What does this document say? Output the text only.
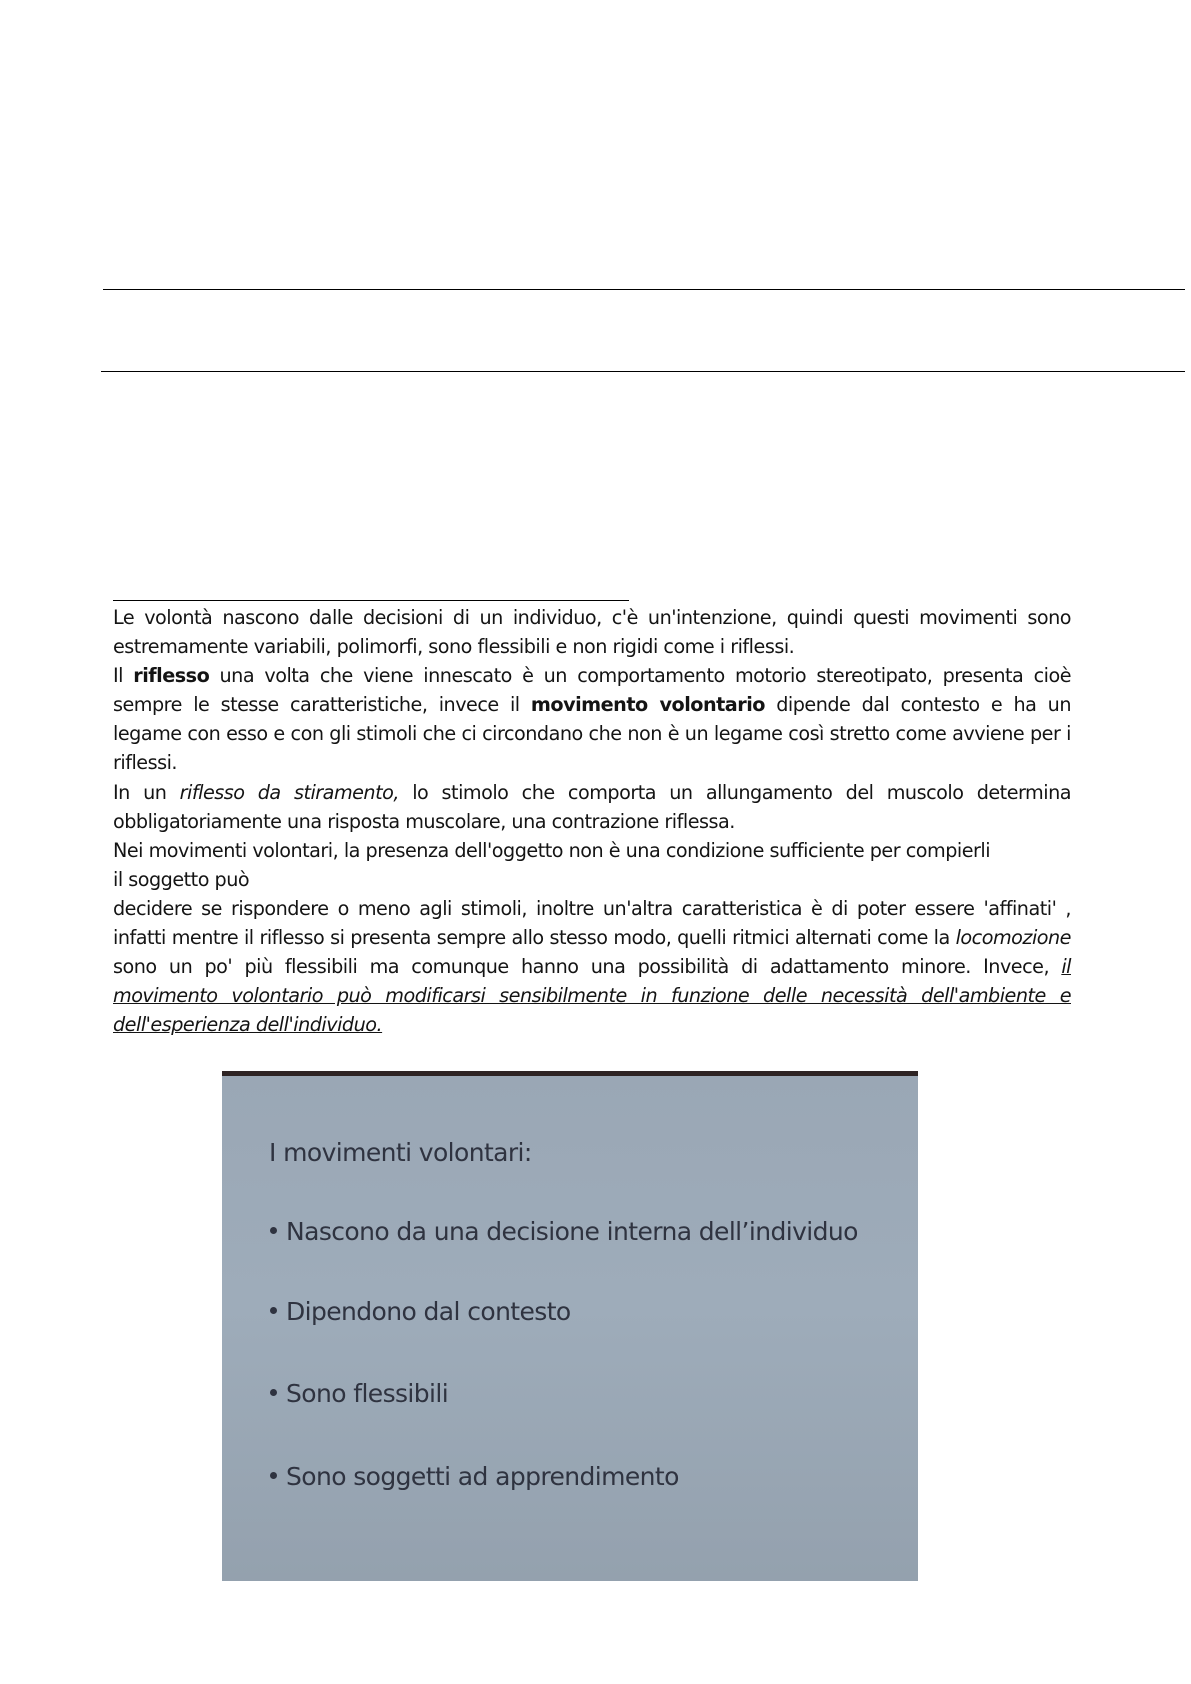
Le volontà nascono dalle decisioni di un individuo, c'è un'intenzione, quindi questi movimenti sono estremamente variabili, polimorfi, sono flessibili e non rigidi come i riflessi.

Il riflesso una volta che viene innescato è un comportamento motorio stereotipato, presenta cioè sempre le stesse caratteristiche, invece il movimento volontario dipende dal contesto e ha un legame con esso e con gli stimoli che ci circondano che non è un legame così stretto come avviene per i riflessi.

In un riflesso da stiramento, lo stimolo che comporta un allungamento del muscolo determina obbligatoriamente una risposta muscolare, una contrazione riflessa.

Nei movimenti volontari, la presenza dell'oggetto non è una condizione sufficiente per compierli

il soggetto può

decidere se rispondere o meno agli stimoli, inoltre un'altra caratteristica è di poter essere 'affinati' , infatti mentre il riflesso si presenta sempre allo stesso modo, quelli ritmici alternati come la locomozione sono un po' più flessibili ma comunque hanno una possibilità di adattamento minore. Invece, il movimento volontario può modificarsi sensibilmente in funzione delle necessità dell'ambiente e dell'esperienza dell'individuo.

I movimenti volontari:
Nascono da una decisione interna dell’individuo
Dipendono dal contesto
Sono flessibili
Sono soggetti ad apprendimento
